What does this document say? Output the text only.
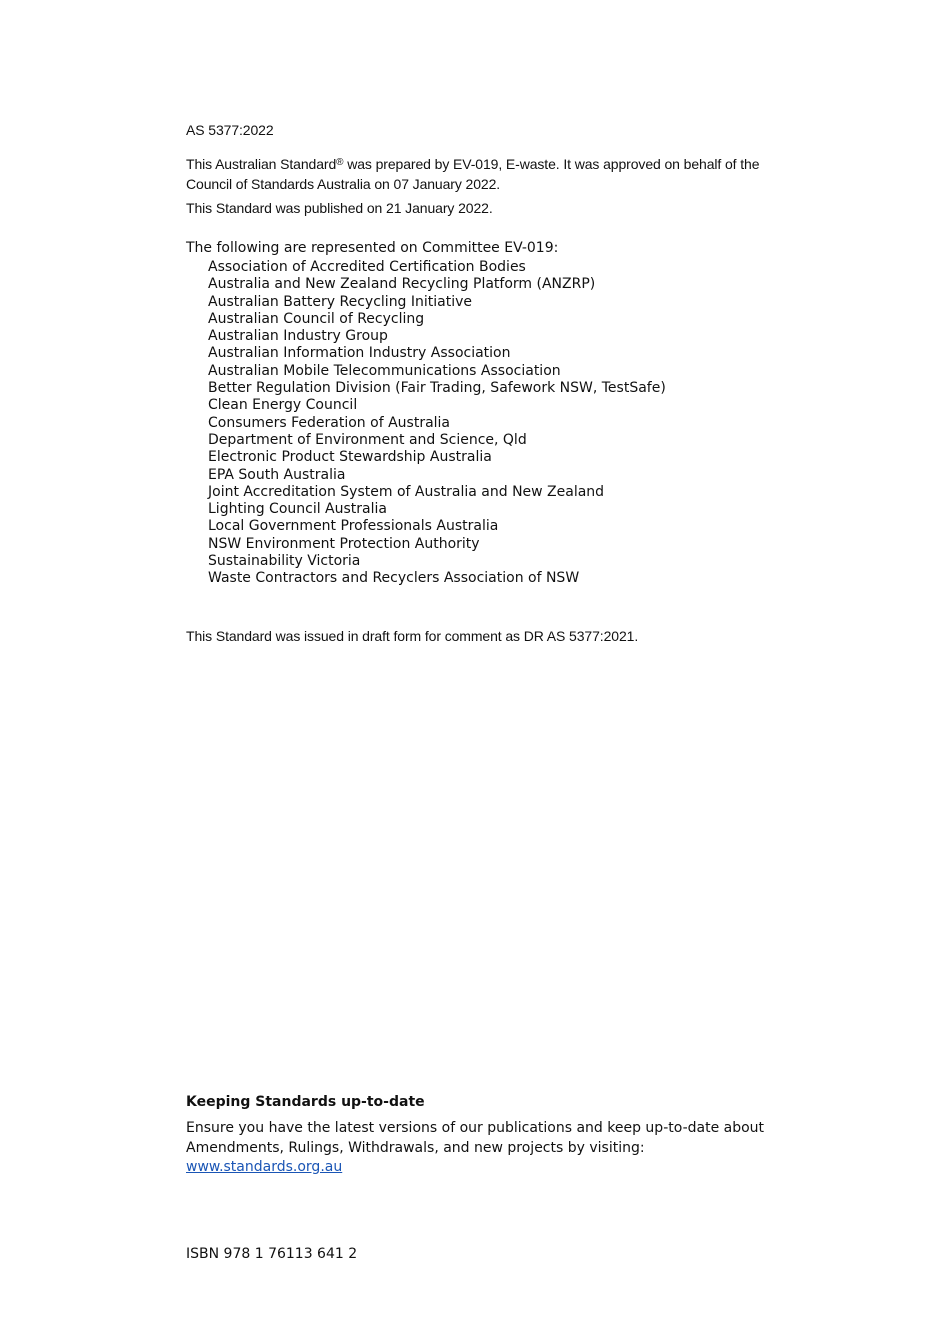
AS 5377:2022
This Australian Standard® was prepared by EV-019, E-waste. It was approved on behalf of the Council of Standards Australia on 07 January 2022.
This Standard was published on 21 January 2022.
The following are represented on Committee EV-019:
Association of Accredited Certification Bodies
Australia and New Zealand Recycling Platform (ANZRP)
Australian Battery Recycling Initiative
Australian Council of Recycling
Australian Industry Group
Australian Information Industry Association
Australian Mobile Telecommunications Association
Better Regulation Division (Fair Trading, Safework NSW, TestSafe)
Clean Energy Council
Consumers Federation of Australia
Department of Environment and Science, Qld
Electronic Product Stewardship Australia
EPA South Australia
Joint Accreditation System of Australia and New Zealand
Lighting Council Australia
Local Government Professionals Australia
NSW Environment Protection Authority
Sustainability Victoria
Waste Contractors and Recyclers Association of NSW
This Standard was issued in draft form for comment as DR AS 5377:2021.
Keeping Standards up-to-date
Ensure you have the latest versions of our publications and keep up-to-date about Amendments, Rulings, Withdrawals, and new projects by visiting:
www.standards.org.au
ISBN 978 1 76113 641 2
